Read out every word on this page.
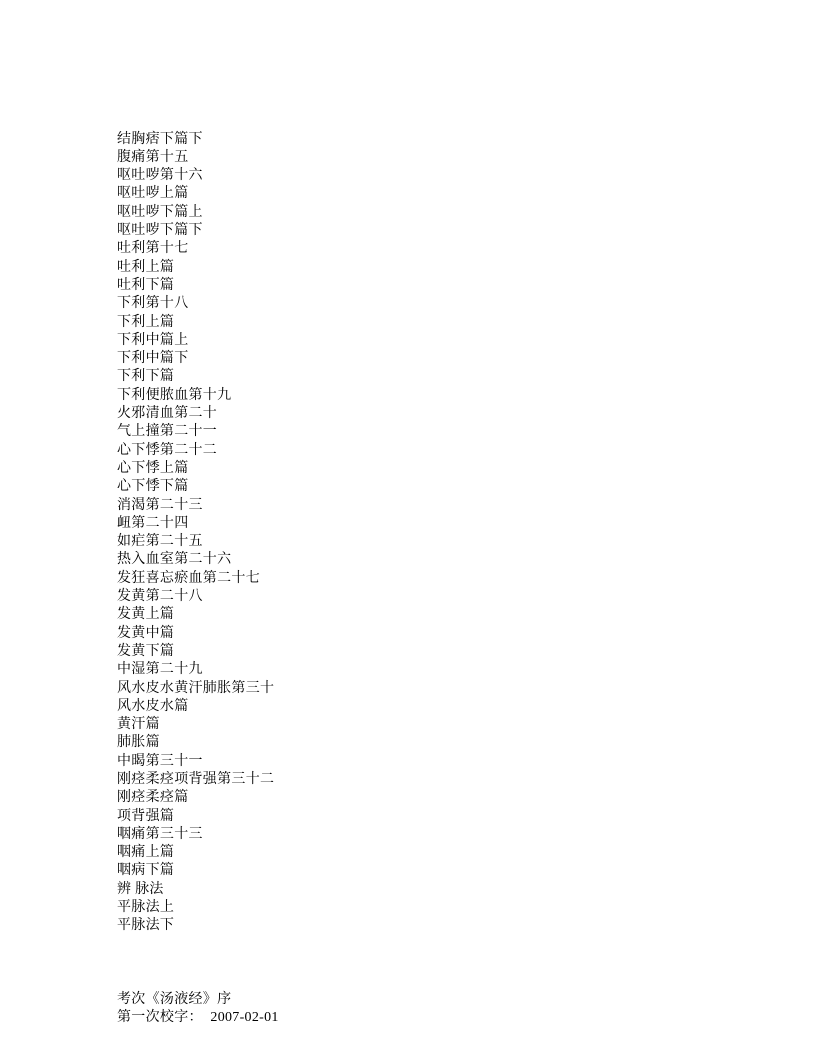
结胸痞下篇下
腹痛第十五
呕吐哕第十六
呕吐哕上篇
呕吐哕下篇上
呕吐哕下篇下
吐利第十七
吐利上篇
吐利下篇
下利第十八
下利上篇
下利中篇上
下利中篇下
下利下篇
下利便脓血第十九
火邪清血第二十
气上撞第二十一
心下悸第二十二
心下悸上篇
心下悸下篇
消渴第二十三
衄第二十四
如疟第二十五
热入血室第二十六
发狂喜忘瘀血第二十七
发黄第二十八
发黄上篇
发黄中篇
发黄下篇
中湿第二十九
风水皮水黄汗肺胀第三十
风水皮水篇
黄汗篇
肺胀篇
中暍第三十一
刚痉柔痉项背强第三十二
刚痉柔痉篇
项背强篇
咽痛第三十三
咽痛上篇
咽病下篇
辨 脉法
平脉法上
平脉法下

考次《汤液经》序
第一次校字：  2007-02-01
